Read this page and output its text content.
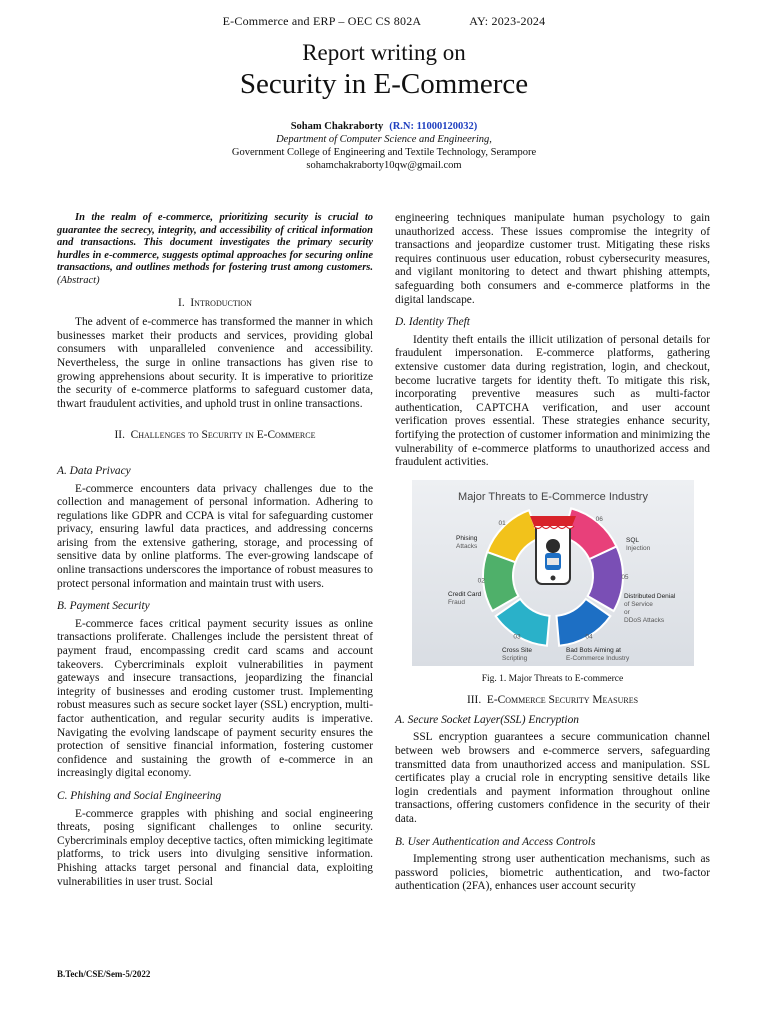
E-Commerce and ERP – OEC CS 802A	AY: 2023-2024
Report writing on
Security in E-Commerce
Soham Chakraborty (R.N: 11000120032)
Department of Computer Science and Engineering,
Government College of Engineering and Textile Technology, Serampore
sohamchakraborty10qw@gmail.com

In the realm of e-commerce, prioritizing security is crucial to guarantee the secrecy, integrity, and accessibility of critical information and transactions. This document investigates the primary security hurdles in e-commerce, suggests optimal approaches for securing online transactions, and outlines methods for fostering trust among customers. (Abstract)

I. Introduction

The advent of e-commerce has transformed the manner in which businesses market their products and services, providing global consumers with unparalleled convenience and accessibility. Nevertheless, the surge in online transactions has given rise to growing apprehensions about security. It is imperative to prioritize the security of e-commerce platforms to safeguard customer data, thwart fraudulent activities, and uphold trust in online transactions.

II. Challenges to Security in E-Commerce
A. Data Privacy

E-commerce encounters data privacy challenges due to the collection and management of personal information. Adhering to regulations like GDPR and CCPA is vital for safeguarding customer privacy, ensuring lawful data practices, and addressing concerns arising from the extensive gathering, storage, and processing of sensitive data by online platforms. The ever-growing landscape of online transactions underscores the importance of robust measures to protect personal information and maintain trust with users.

B. Payment Security

E-commerce faces critical payment security issues as online transactions proliferate. Challenges include the persistent threat of payment fraud, encompassing credit card scams and account takeovers. Cybercriminals exploit vulnerabilities in payment gateways and insecure transactions, jeopardizing the financial integrity of businesses and eroding customer trust. Implementing robust measures such as secure socket layer (SSL) encryption, multi-factor authentication, and regular security audits is imperative. Navigating the evolving landscape of payment security ensures the protection of sensitive financial information, fostering customer confidence and sustaining the growth of e-commerce in an increasingly digital economy.

C. Phishing and Social Engineering

E-commerce grapples with phishing and social engineering threats, posing significant challenges to online security. Cybercriminals employ deceptive tactics, often mimicking legitimate platforms, to trick users into divulging sensitive information. Phishing attacks target personal and financial data, exploiting vulnerabilities in user trust. Social

engineering techniques manipulate human psychology to gain unauthorized access. These issues compromise the integrity of transactions and jeopardize customer trust. Mitigating these risks requires continuous user education, robust cybersecurity measures, and vigilant monitoring to detect and thwart phishing attempts, safeguarding both consumers and e-commerce platforms in the digital landscape.

D. Identity Theft

Identity theft entails the illicit utilization of personal details for fraudulent impersonation. E-commerce platforms, gathering extensive customer data during registration, login, and checkout, become lucrative targets for identity theft. To mitigate this risk, incorporating preventive measures such as multi-factor authentication, CAPTCHA verification, and user account verification proves essential. These strategies enhance security, fortifying the protection of customer information and minimizing the vulnerability of e-commerce platforms to unauthorized access and fraudulent activities.

Major Threats to E-Commerce Industry
01
02
03	04
05
06
Phising
Attacks
Credit Card
Fraud
Cross Site
Scripting
Bad Bots Aiming at
E-Commerce Industry
Distributed Denial
of Service
SQL
Injection
or
DDoS Attacks
Fig. 1. Major Threats to E-commerce
III. E-Commerce Security Measures
A. Secure Socket Layer(SSL) Encryption

SSL encryption guarantees a secure communication channel between web browsers and e-commerce servers, safeguarding transmitted data from unauthorized access and manipulation. SSL certificates play a crucial role in encrypting sensitive details like login credentials and payment information throughout online transactions, offering customers confidence in the security of their data.

B. User Authentication and Access Controls

Implementing strong user authentication mechanisms, such as password policies, biometric authentication, and two-factor authentication (2FA), enhances user account security

B.Tech/CSE/Sem-5/2022
